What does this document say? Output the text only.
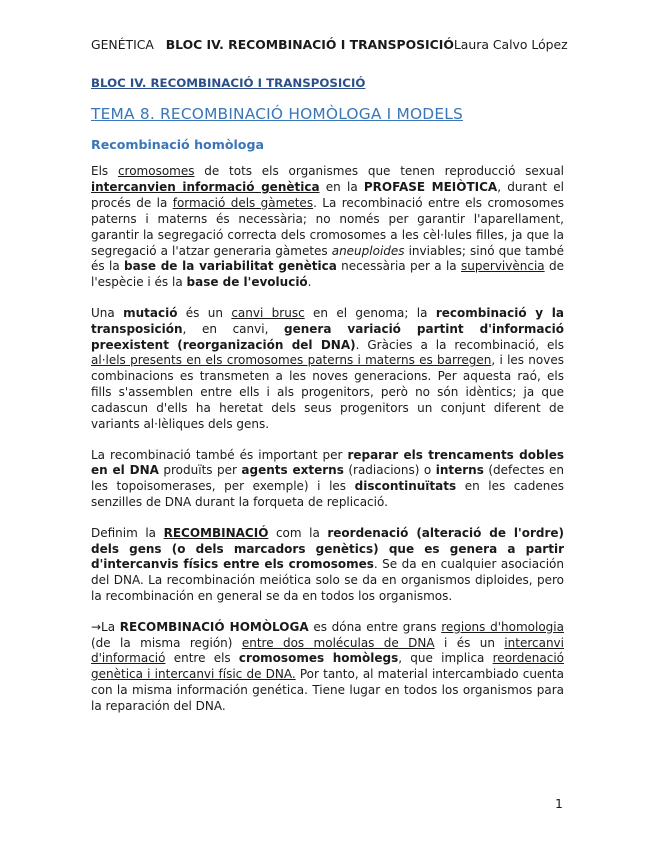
GENÉTICA BLOC IV. RECOMBINACIÓ I TRANSPOSICIÓLaura Calvo López
BLOC IV. RECOMBINACIÓ I TRANSPOSICIÓ
TEMA 8. RECOMBINACIÓ HOMÒLOGA I MODELS
Recombinació homòloga

Els cromosomes de tots els organismes que tenen reproducció sexual intercanvien informació genètica en la PROFASE MEIÒTICA, durant el procés de la formació dels gàmetes. La recombinació entre els cromosomes paterns i materns és necessària; no només per garantir l'aparellament, garantir la segregació correcta dels cromosomes a les cèl·lules filles, ja que la segregació a l'atzar generaria gàmetes aneuploides inviables; sinó que també és la base de la variabilitat genètica necessària per a la supervivència de l'espècie i és la base de l'evolució.

Una mutació és un canvi brusc en el genoma; la recombinació y la transposición, en canvi, genera variació partint d'informació preexistent (reorganización del DNA). Gràcies a la recombinació, els al·lels presents en els cromosomes paterns i materns es barregen, i les noves combinacions es transmeten a les noves generacions. Per aquesta raó, els fills s'assemblen entre ells i als progenitors, però no són idèntics; ja que cadascun d'ells ha heretat dels seus progenitors un conjunt diferent de variants al·lèliques dels gens.

La recombinació també és important per reparar els trencaments dobles en el DNA produïts per agents externs (radiacions) o interns (defectes en les topoisomerases, per exemple) i les discontinuïtats en les cadenes senzilles de DNA durant la forqueta de replicació.

Definim la RECOMBINACIÓ com la reordenació (alteració de l'ordre) dels gens (o dels marcadors genètics) que es genera a partir d'intercanvis físics entre els cromosomes. Se da en cualquier asociación del DNA. La recombinación meiótica solo se da en organismos diploides, pero la recombinación en general se da en todos los organismos.

→La RECOMBINACIÓ HOMÒLOGA es dóna entre grans regions d'homologia (de la misma región) entre dos moléculas de DNA i és un intercanvi d'informació entre els cromosomes homòlegs, que implica reordenació genètica i intercanvi físic de DNA. Por tanto, al material intercambiado cuenta con la misma información genética. Tiene lugar en todos los organismos para la reparación del DNA.

1
